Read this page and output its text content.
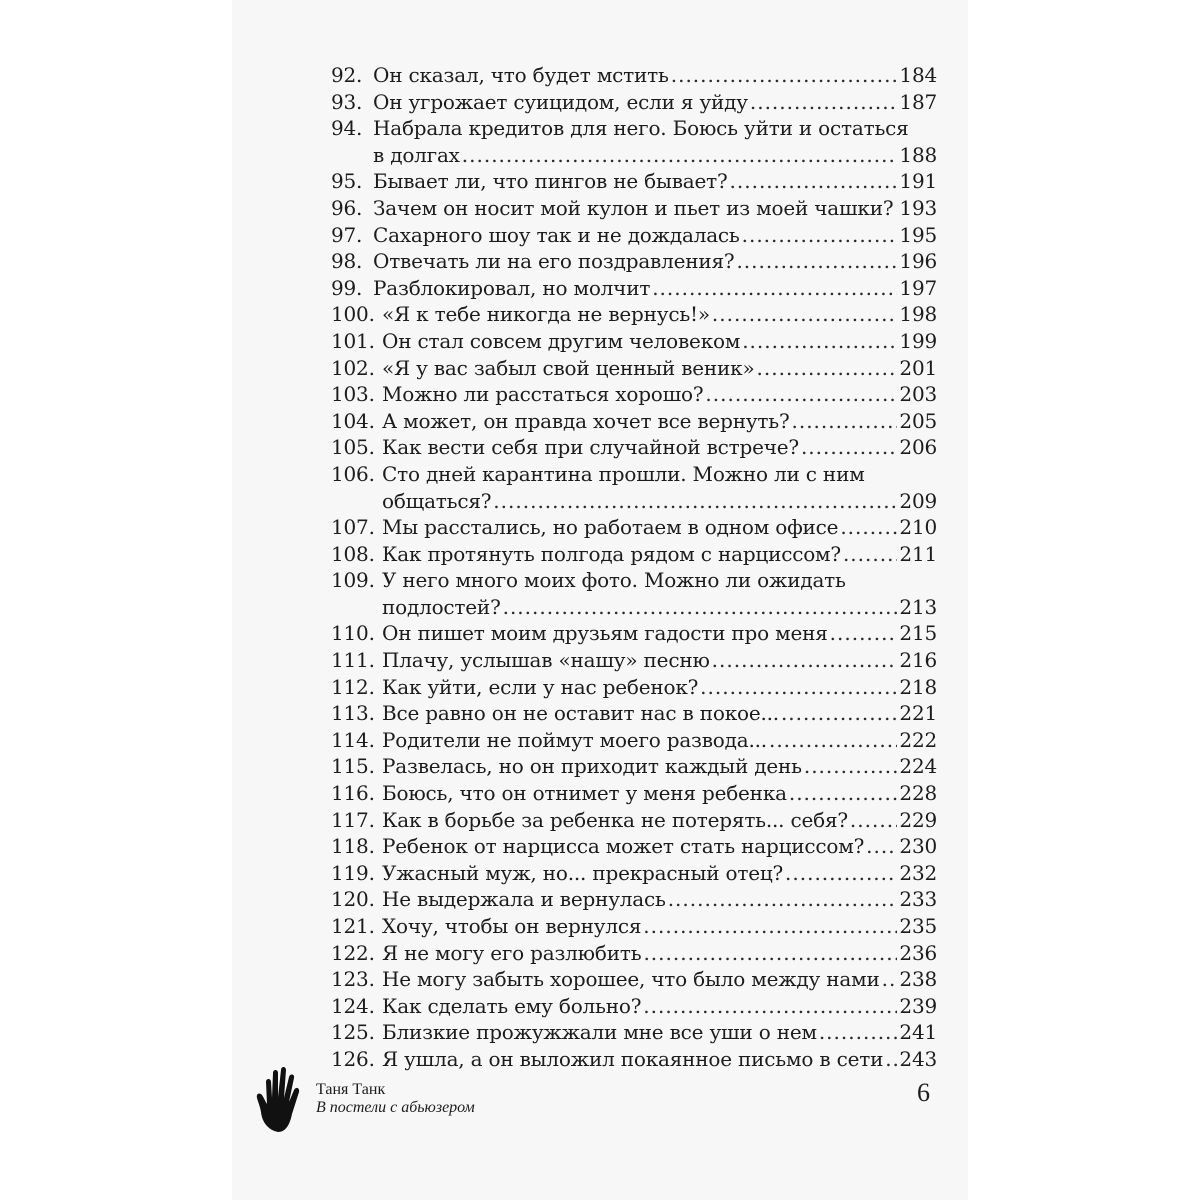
92. Он сказал, что будет мстить .....	184
93. Он угрожает суицидом, если я уйду .....	187
94. Набрала кредитов для него. Боюсь уйти и остаться
в долгах .....	188
95. Бывает ли, что пингов не бывает? .....	191
96. Зачем он носит мой кулон и пьет из моей чашки? ..... 193
97. Сахарного шоу так и не дождалась .....	195
98. Отвечать ли на его поздравления? .....	196
99. Разблокировал, но молчит .....	197
100. «Я к тебе никогда не вернусь!» .....	198
101. Он стал совсем другим человеком .....	199
102. «Я у вас забыл свой ценный веник» .....	201
103. Можно ли расстаться хорошо? .....	203
104. А может, он правда хочет все вернуть? .....	205
105. Как вести себя при случайной встрече? .....	206
106. Сто дней карантина прошли. Можно ли с ним
общаться? .....	209
107. Мы расстались, но работаем в одном офисе .....	210
108. Как протянуть полгода рядом с нарциссом? .....	211
109. У него много моих фото. Можно ли ожидать
подлостей? .....	213
110. Он пишет моим друзьям гадости про меня .....	215
111. Плачу, услышав «нашу» песню .....	216
112. Как уйти, если у нас ребенок? .....	218
113. Все равно он не оставит нас в покое... .....	221
114. Родители не поймут моего развода... .....	222
115. Развелась, но он приходит каждый день .....	224
116. Боюсь, что он отнимет у меня ребенка .....	228
117. Как в борьбе за ребенка не потерять... себя? .....	229
118. Ребенок от нарцисса может стать нарциссом? ..... 230
119. Ужасный муж, но... прекрасный отец? .....	232
120. Не выдержала и вернулась .....	233
121. Хочу, чтобы он вернулся .....	235
122. Я не могу его разлюбить .....	236
123. Не могу забыть хорошее, что было между нами ..... 238
124. Как сделать ему больно? .....	239
125. Близкие прожужжали мне все уши о нем .....	241
126. Я ушла, а он выложил покаянное письмо в сети ..... 243
Таня Танк
В постели с абьюзером
6
